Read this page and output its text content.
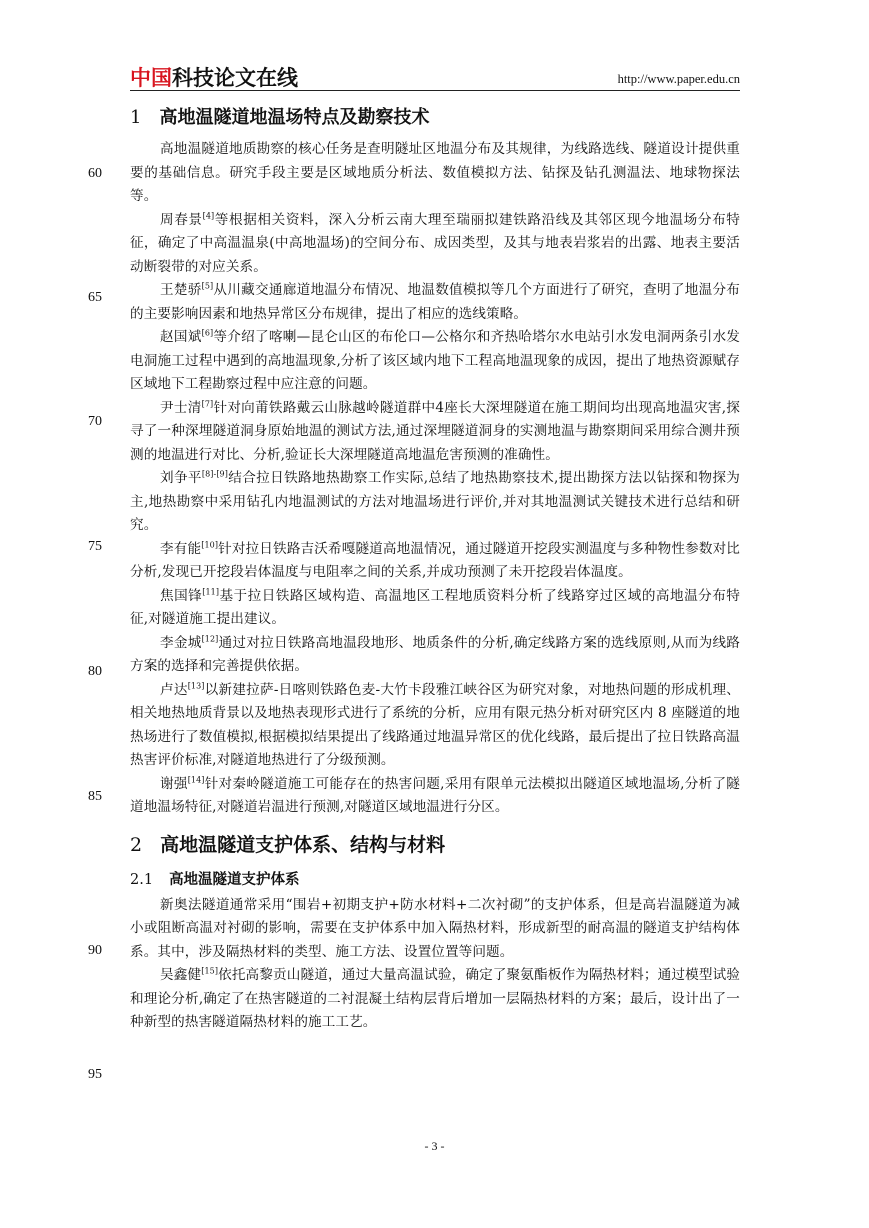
中国科技论文在线	http://www.paper.edu.cn
60
65
70
75
80
85
90
95
1 高地温隧道地温场特点及勘察技术

高地温隧道地质勘察的核心任务是查明隧址区地温分布及其规律，为线路选线、隧道设计提供重要的基础信息。研究手段主要是区域地质分析法、数值模拟方法、钻探及钻孔测温法、地球物探法等。

周春景[4]等根据相关资料，深入分析云南大理至瑞丽拟建铁路沿线及其邻区现今地温场分布特征，确定了中高温温泉(中高地温场)的空间分布、成因类型，及其与地表岩浆岩的出露、地表主要活动断裂带的对应关系。

王楚骄[5]从川藏交通廊道地温分布情况、地温数值模拟等几个方面进行了研究，查明了地温分布的主要影响因素和地热异常区分布规律，提出了相应的选线策略。

赵国斌[6]等介绍了喀喇—昆仑山区的布伦口—公格尔和齐热哈塔尔水电站引水发电洞两条引水发电洞施工过程中遇到的高地温现象,分析了该区域内地下工程高地温现象的成因，提出了地热资源赋存区域地下工程勘察过程中应注意的问题。

尹士清[7]针对向莆铁路戴云山脉越岭隧道群中4座长大深埋隧道在施工期间均出现高地温灾害,探寻了一种深埋隧道洞身原始地温的测试方法,通过深埋隧道洞身的实测地温与勘察期间采用综合测井预测的地温进行对比、分析,验证长大深埋隧道高地温危害预测的准确性。

刘争平[8]-[9]结合拉日铁路地热勘察工作实际,总结了地热勘察技术,提出勘探方法以钻探和物探为主,地热勘察中采用钻孔内地温测试的方法对地温场进行评价,并对其地温测试关键技术进行总结和研究。

李有能[10]针对拉日铁路吉沃希嘎隧道高地温情况，通过隧道开挖段实测温度与多种物性参数对比分析,发现已开挖段岩体温度与电阻率之间的关系,并成功预测了未开挖段岩体温度。

焦国锋[11]基于拉日铁路区域构造、高温地区工程地质资料分析了线路穿过区域的高地温分布特征,对隧道施工提出建议。

李金城[12]通过对拉日铁路高地温段地形、地质条件的分析,确定线路方案的选线原则,从而为线路方案的选择和完善提供依据。

卢达[13]以新建拉萨-日喀则铁路色麦-大竹卡段雅江峡谷区为研究对象，对地热问题的形成机理、相关地热地质背景以及地热表现形式进行了系统的分析，应用有限元热分析对研究区内 8 座隧道的地热场进行了数值模拟,根据模拟结果提出了线路通过地温异常区的优化线路，最后提出了拉日铁路高温热害评价标准,对隧道地热进行了分级预测。

谢强[14]针对秦岭隧道施工可能存在的热害问题,采用有限单元法模拟出隧道区域地温场,分析了隧道地温场特征,对隧道岩温进行预测,对隧道区域地温进行分区。

2 高地温隧道支护体系、结构与材料
2.1 高地温隧道支护体系

新奥法隧道通常采用“围岩+初期支护+防水材料+二次衬砌”的支护体系，但是高岩温隧道为减小或阻断高温对衬砌的影响，需要在支护体系中加入隔热材料，形成新型的耐高温的隧道支护结构体系。其中，涉及隔热材料的类型、施工方法、设置位置等问题。

吴鑫健[15]依托高黎贡山隧道，通过大量高温试验，确定了聚氨酯板作为隔热材料；通过模型试验和理论分析,确定了在热害隧道的二衬混凝土结构层背后增加一层隔热材料的方案；最后，设计出了一种新型的热害隧道隔热材料的施工工艺。

- 3 -
